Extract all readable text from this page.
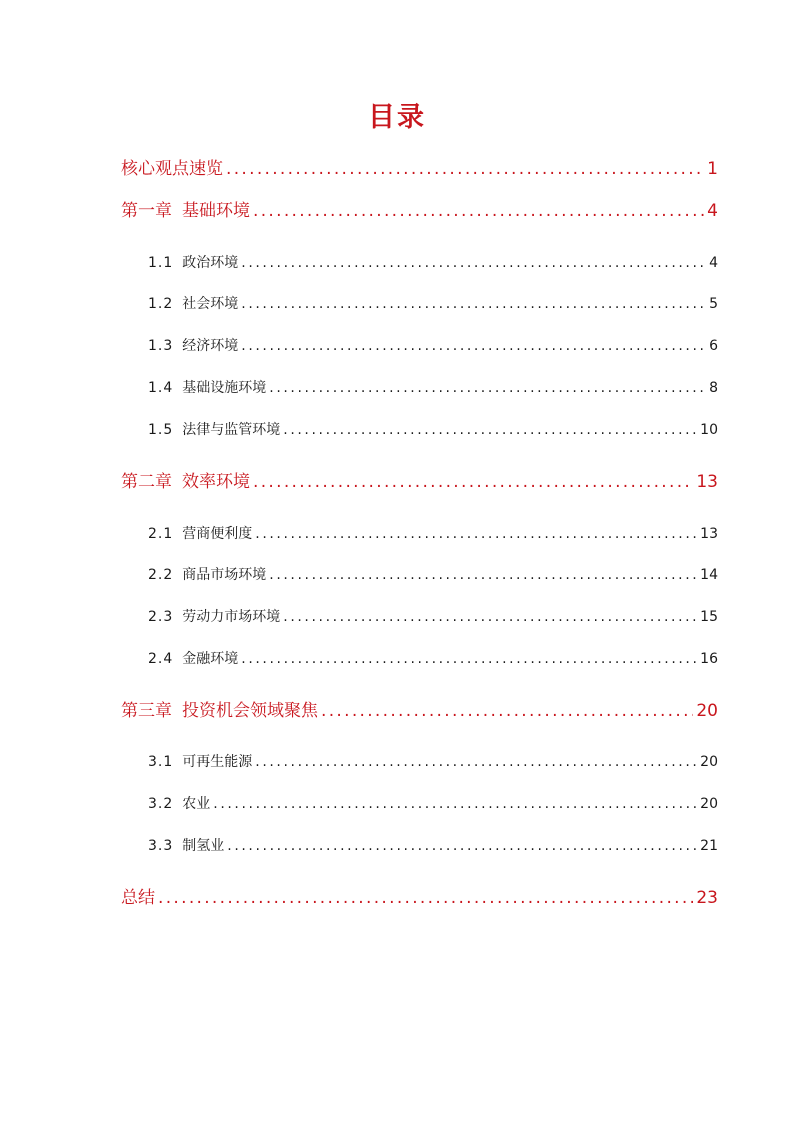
目录
核心观点速览 .....	1
第一章 基础环境 .....	4
1.1 政治环境 .....	4
1.2 社会环境 .....	5
1.3 经济环境 .....	6
1.4 基础设施环境 .....	8
1.5 法律与监管环境 .....	10
第二章 效率环境 .....	13
2.1 营商便利度 .....	13
2.2 商品市场环境 .....	14
2.3 劳动力市场环境 .....	15
2.4 金融环境 .....	16
第三章 投资机会领域聚焦 .....	20
3.1 可再生能源 .....	20
3.2 农业 .....	20
3.3 制氢业 .....	21
总结 .....	23
